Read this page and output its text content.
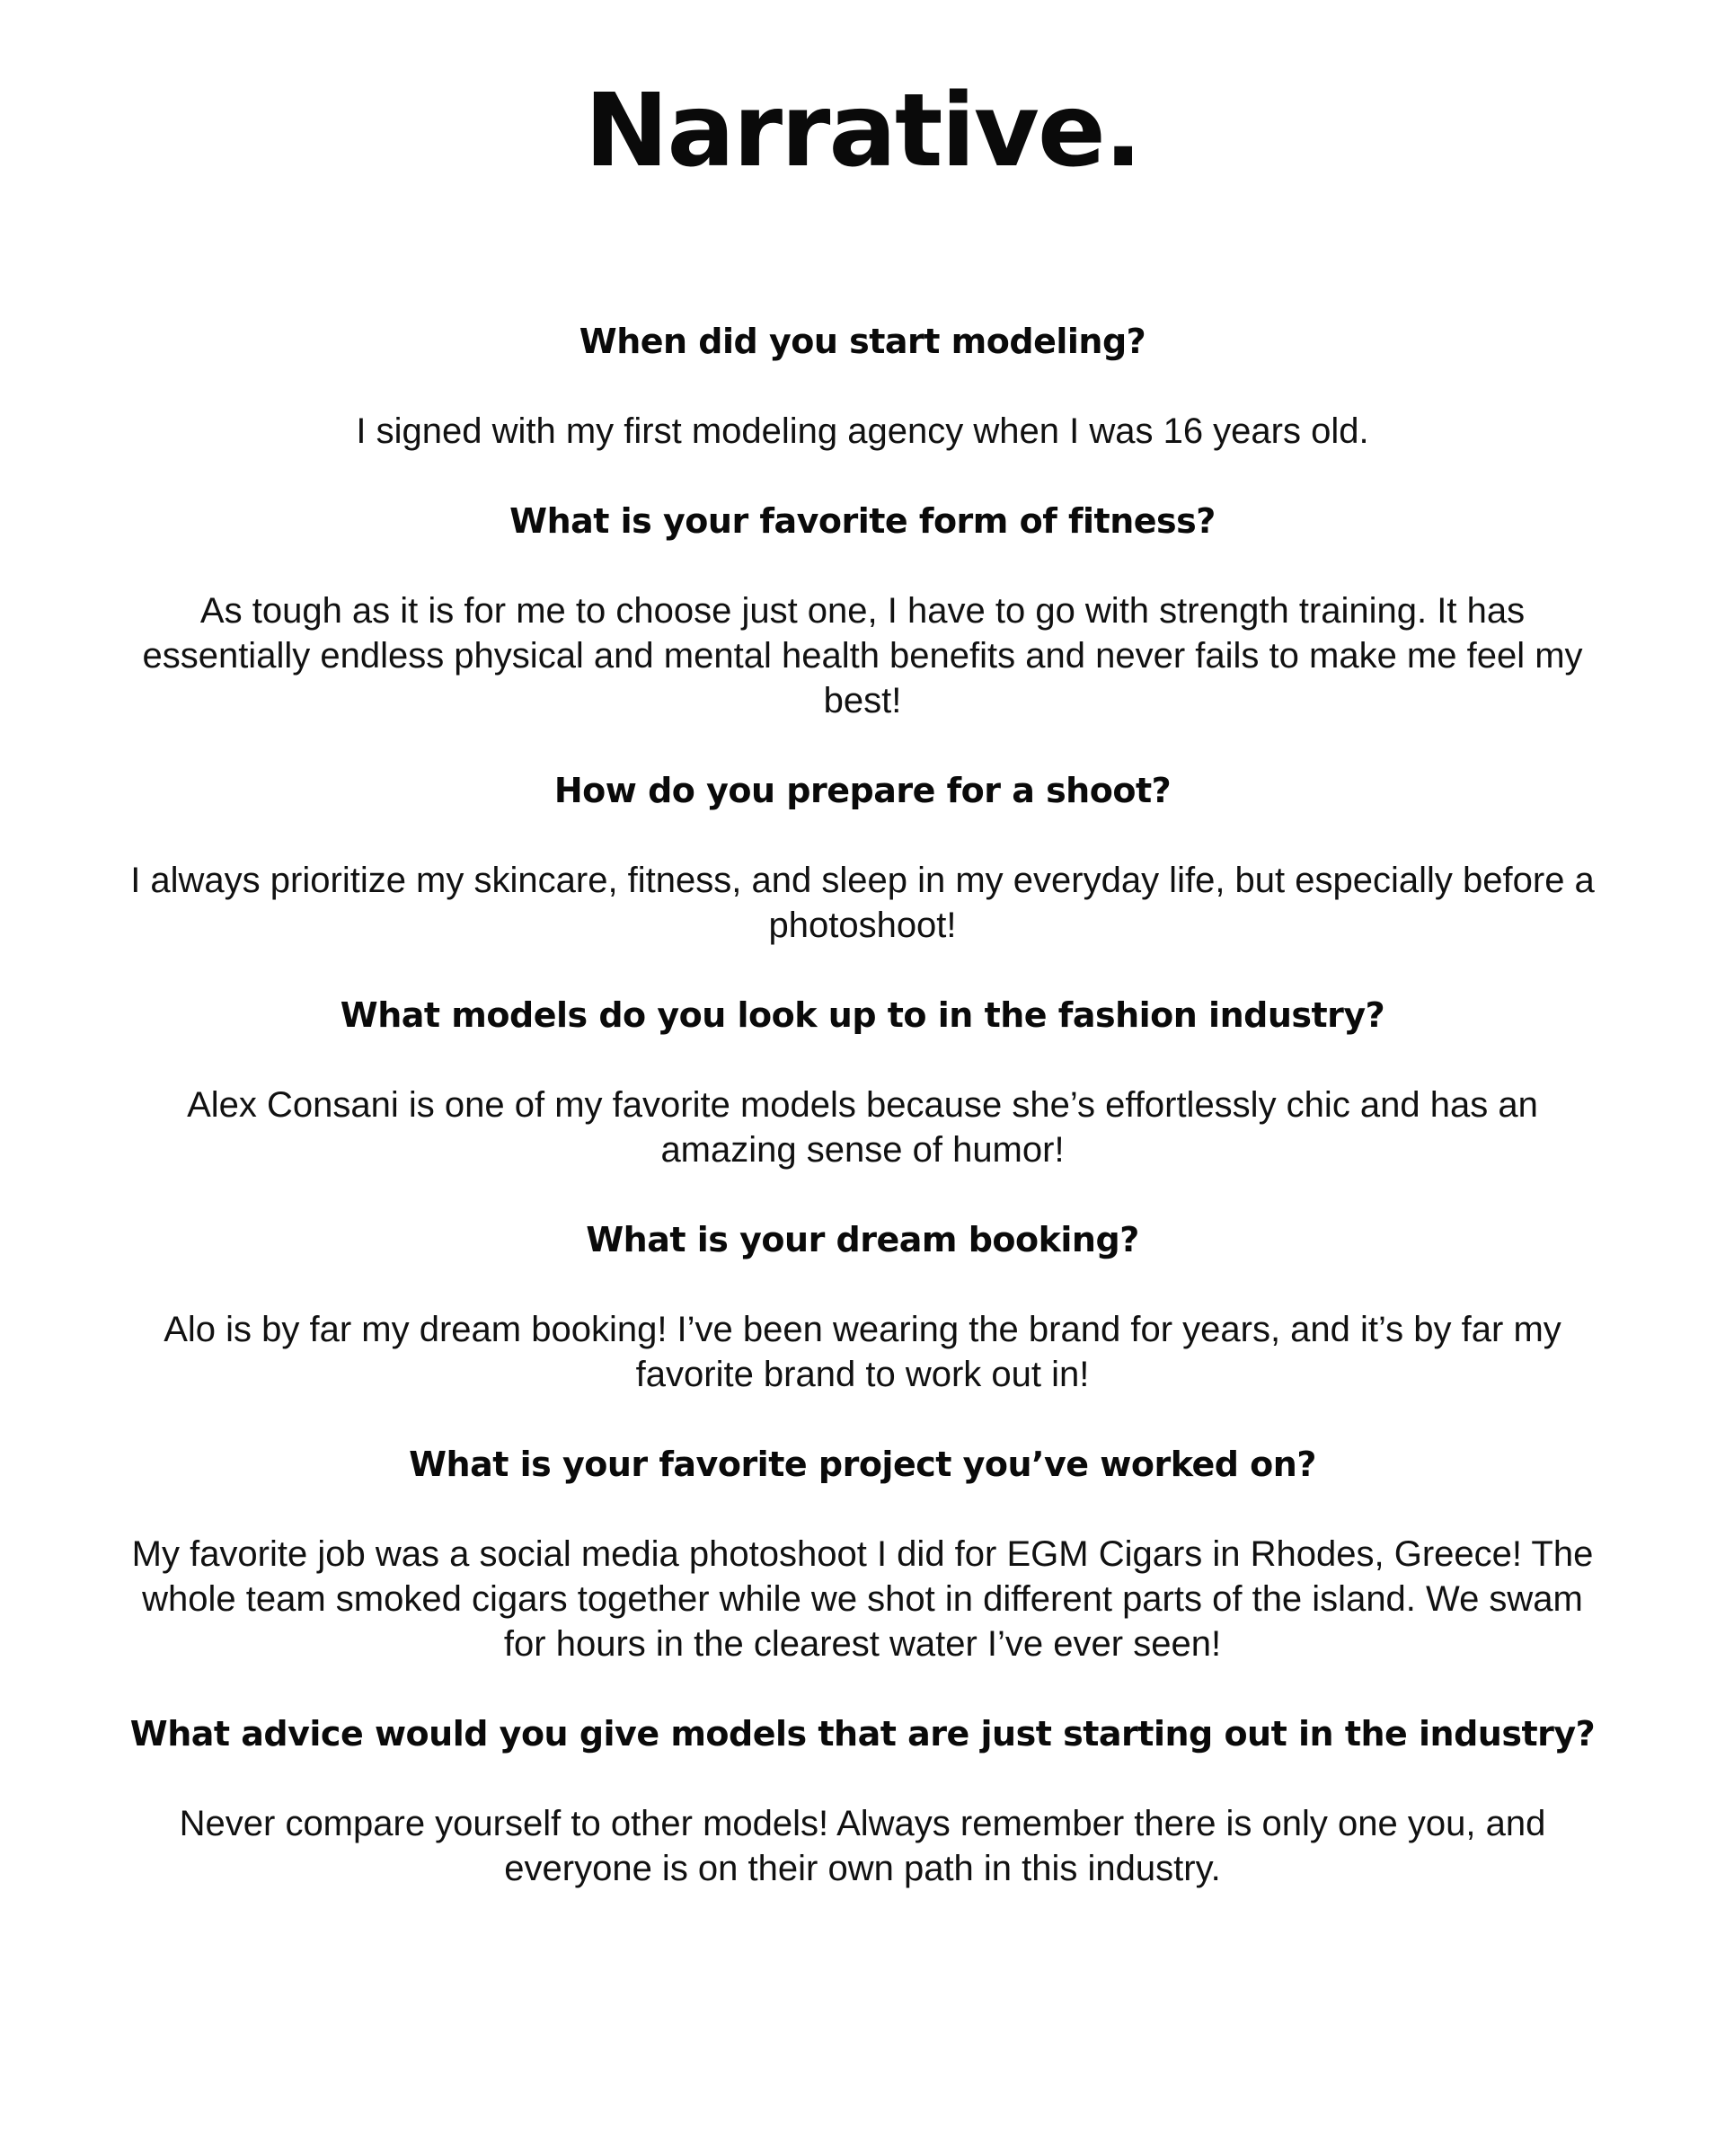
Narrative.

When did you start modeling?

I signed with my first modeling agency when I was 16 years old.

What is your favorite form of fitness?

As tough as it is for me to choose just one, I have to go with strength training. It has essentially endless physical and mental health benefits and never fails to make me feel my best!

How do you prepare for a shoot?

I always prioritize my skincare, fitness, and sleep in my everyday life, but especially before a photoshoot!

What models do you look up to in the fashion industry?

Alex Consani is one of my favorite models because she’s effortlessly chic and has an amazing sense of humor!

What is your dream booking?

Alo is by far my dream booking! I’ve been wearing the brand for years, and it’s by far my favorite brand to work out in!

What is your favorite project you’ve worked on?

My favorite job was a social media photoshoot I did for EGM Cigars in Rhodes, Greece! The whole team smoked cigars together while we shot in different parts of the island. We swam for hours in the clearest water I’ve ever seen!

What advice would you give models that are just starting out in the industry?

Never compare yourself to other models! Always remember there is only one you, and everyone is on their own path in this industry.
